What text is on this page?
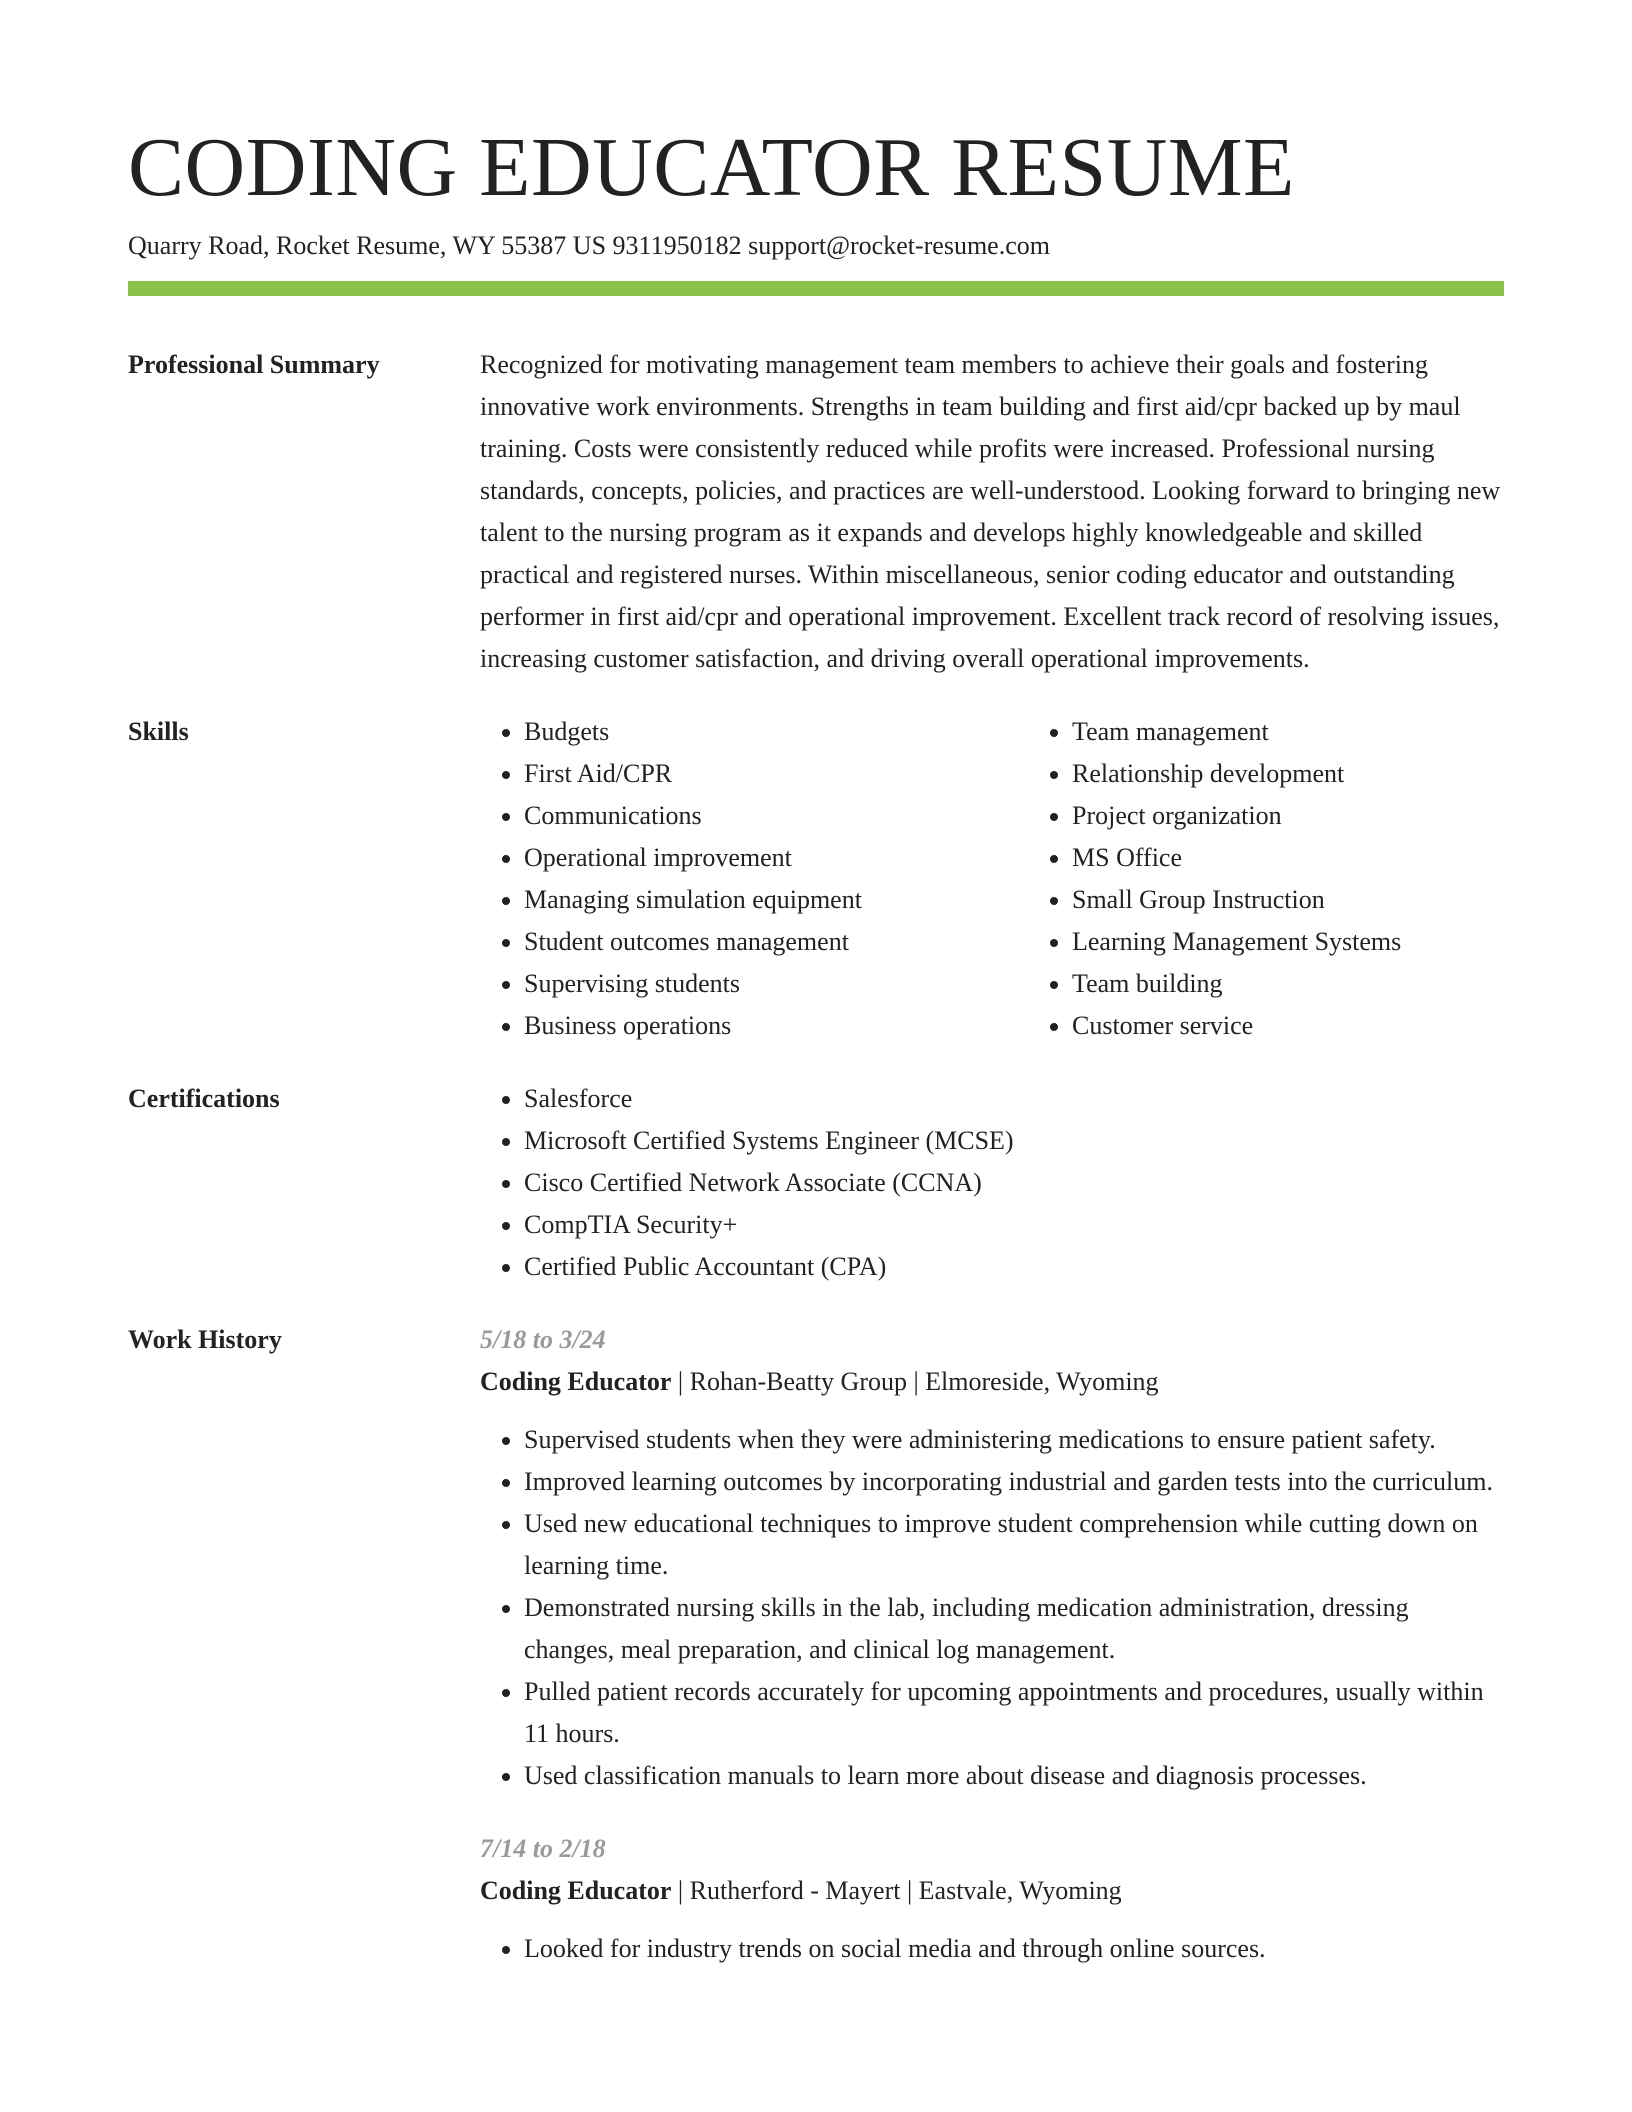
CODING EDUCATOR RESUME
Quarry Road, Rocket Resume, WY 55387 US 9311950182 support@rocket-resume.com
Professional Summary	Recognized for motivating management team members to achieve their goals and fostering innovative work environments. Strengths in team building and first aid/cpr backed up by maul training. Costs were consistently reduced while profits were increased. Professional nursing standards, concepts, policies, and practices are well-understood. Looking forward to bringing new talent to the nursing program as it expands and develops highly knowledgeable and skilled practical and registered nurses. Within miscellaneous, senior coding educator and outstanding performer in first aid/cpr and operational improvement. Excellent track record of resolving issues, increasing customer satisfaction, and driving overall operational improvements.

Skills	• Budgets
• First Aid/CPR
• Communications
• Operational improvement
• Managing simulation equipment
• Student outcomes management
• Supervising students
• Business operations
• Team management
• Relationship development
• Project organization
• MS Office
• Small Group Instruction
• Learning Management Systems
• Team building
• Customer service
Certifications	• Salesforce
• Microsoft Certified Systems Engineer (MCSE)
• Cisco Certified Network Associate (CCNA)
• CompTIA Security+
• Certified Public Accountant (CPA)
Work History	5/18 to 3/24
Coding Educator | Rohan-Beatty Group | Elmoreside, Wyoming
• Supervised students when they were administering medications to ensure patient safety.
• Improved learning outcomes by incorporating industrial and garden tests into the curriculum.
• Used new educational techniques to improve student comprehension while cutting down on learning time.
• Demonstrated nursing skills in the lab, including medication administration, dressing changes, meal preparation, and clinical log management.
• Pulled patient records accurately for upcoming appointments and procedures, usually within 11 hours.
• Used classification manuals to learn more about disease and diagnosis processes.
7/14 to 2/18
Coding Educator | Rutherford - Mayert | Eastvale, Wyoming
• Looked for industry trends on social media and through online sources.
